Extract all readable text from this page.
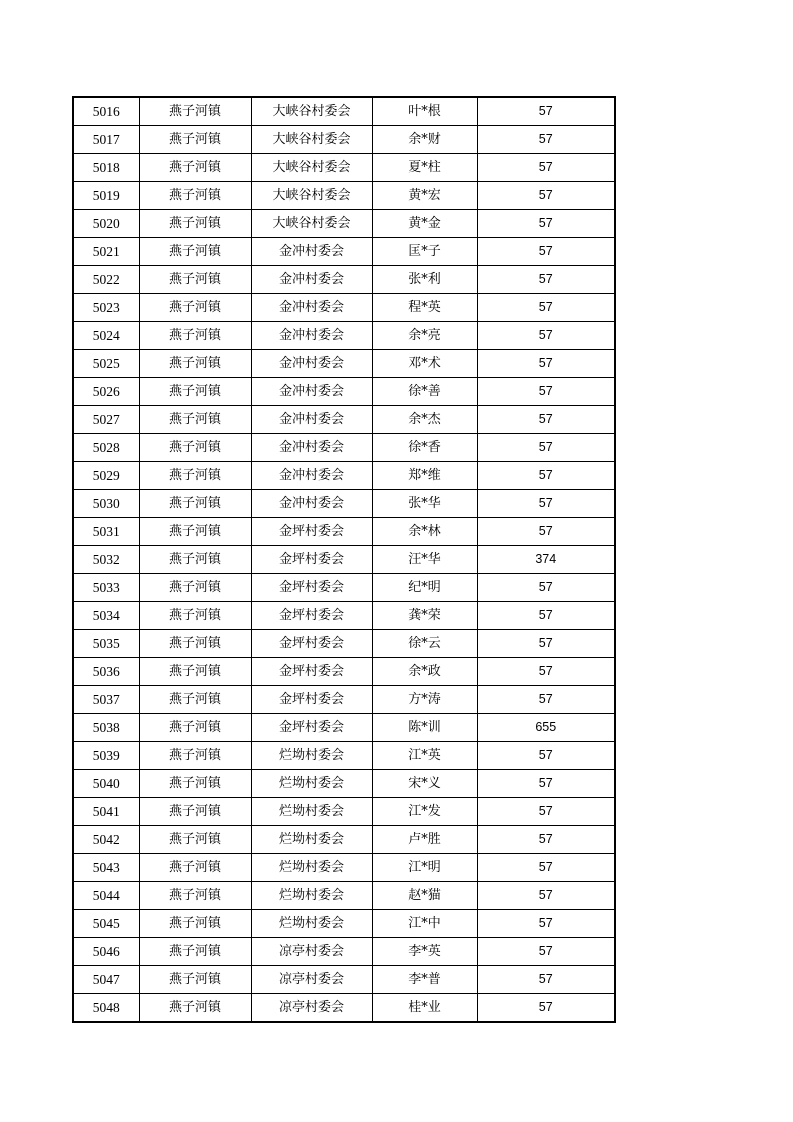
5016	燕子河镇	大峡谷村委会	叶*根	57
5017	燕子河镇	大峡谷村委会	余*财	57
5018	燕子河镇	大峡谷村委会	夏*柱	57
5019	燕子河镇	大峡谷村委会	黄*宏	57
5020	燕子河镇	大峡谷村委会	黄*金	57
5021	燕子河镇	金冲村委会	匡*子	57
5022	燕子河镇	金冲村委会	张*利	57
5023	燕子河镇	金冲村委会	程*英	57
5024	燕子河镇	金冲村委会	余*亮	57
5025	燕子河镇	金冲村委会	邓*术	57
5026	燕子河镇	金冲村委会	徐*善	57
5027	燕子河镇	金冲村委会	余*杰	57
5028	燕子河镇	金冲村委会	徐*香	57
5029	燕子河镇	金冲村委会	郑*维	57
5030	燕子河镇	金冲村委会	张*华	57
5031	燕子河镇	金坪村委会	余*林	57
5032	燕子河镇	金坪村委会	汪*华	374
5033	燕子河镇	金坪村委会	纪*明	57
5034	燕子河镇	金坪村委会	龚*荣	57
5035	燕子河镇	金坪村委会	徐*云	57
5036	燕子河镇	金坪村委会	余*政	57
5037	燕子河镇	金坪村委会	方*涛	57
5038	燕子河镇	金坪村委会	陈*训	655
5039	燕子河镇	烂坳村委会	江*英	57
5040	燕子河镇	烂坳村委会	宋*义	57
5041	燕子河镇	烂坳村委会	江*发	57
5042	燕子河镇	烂坳村委会	卢*胜	57
5043	燕子河镇	烂坳村委会	江*明	57
5044	燕子河镇	烂坳村委会	赵*猫	57
5045	燕子河镇	烂坳村委会	江*中	57
5046	燕子河镇	凉亭村委会	李*英	57
5047	燕子河镇	凉亭村委会	李*普	57
5048	燕子河镇	凉亭村委会	桂*业	57
